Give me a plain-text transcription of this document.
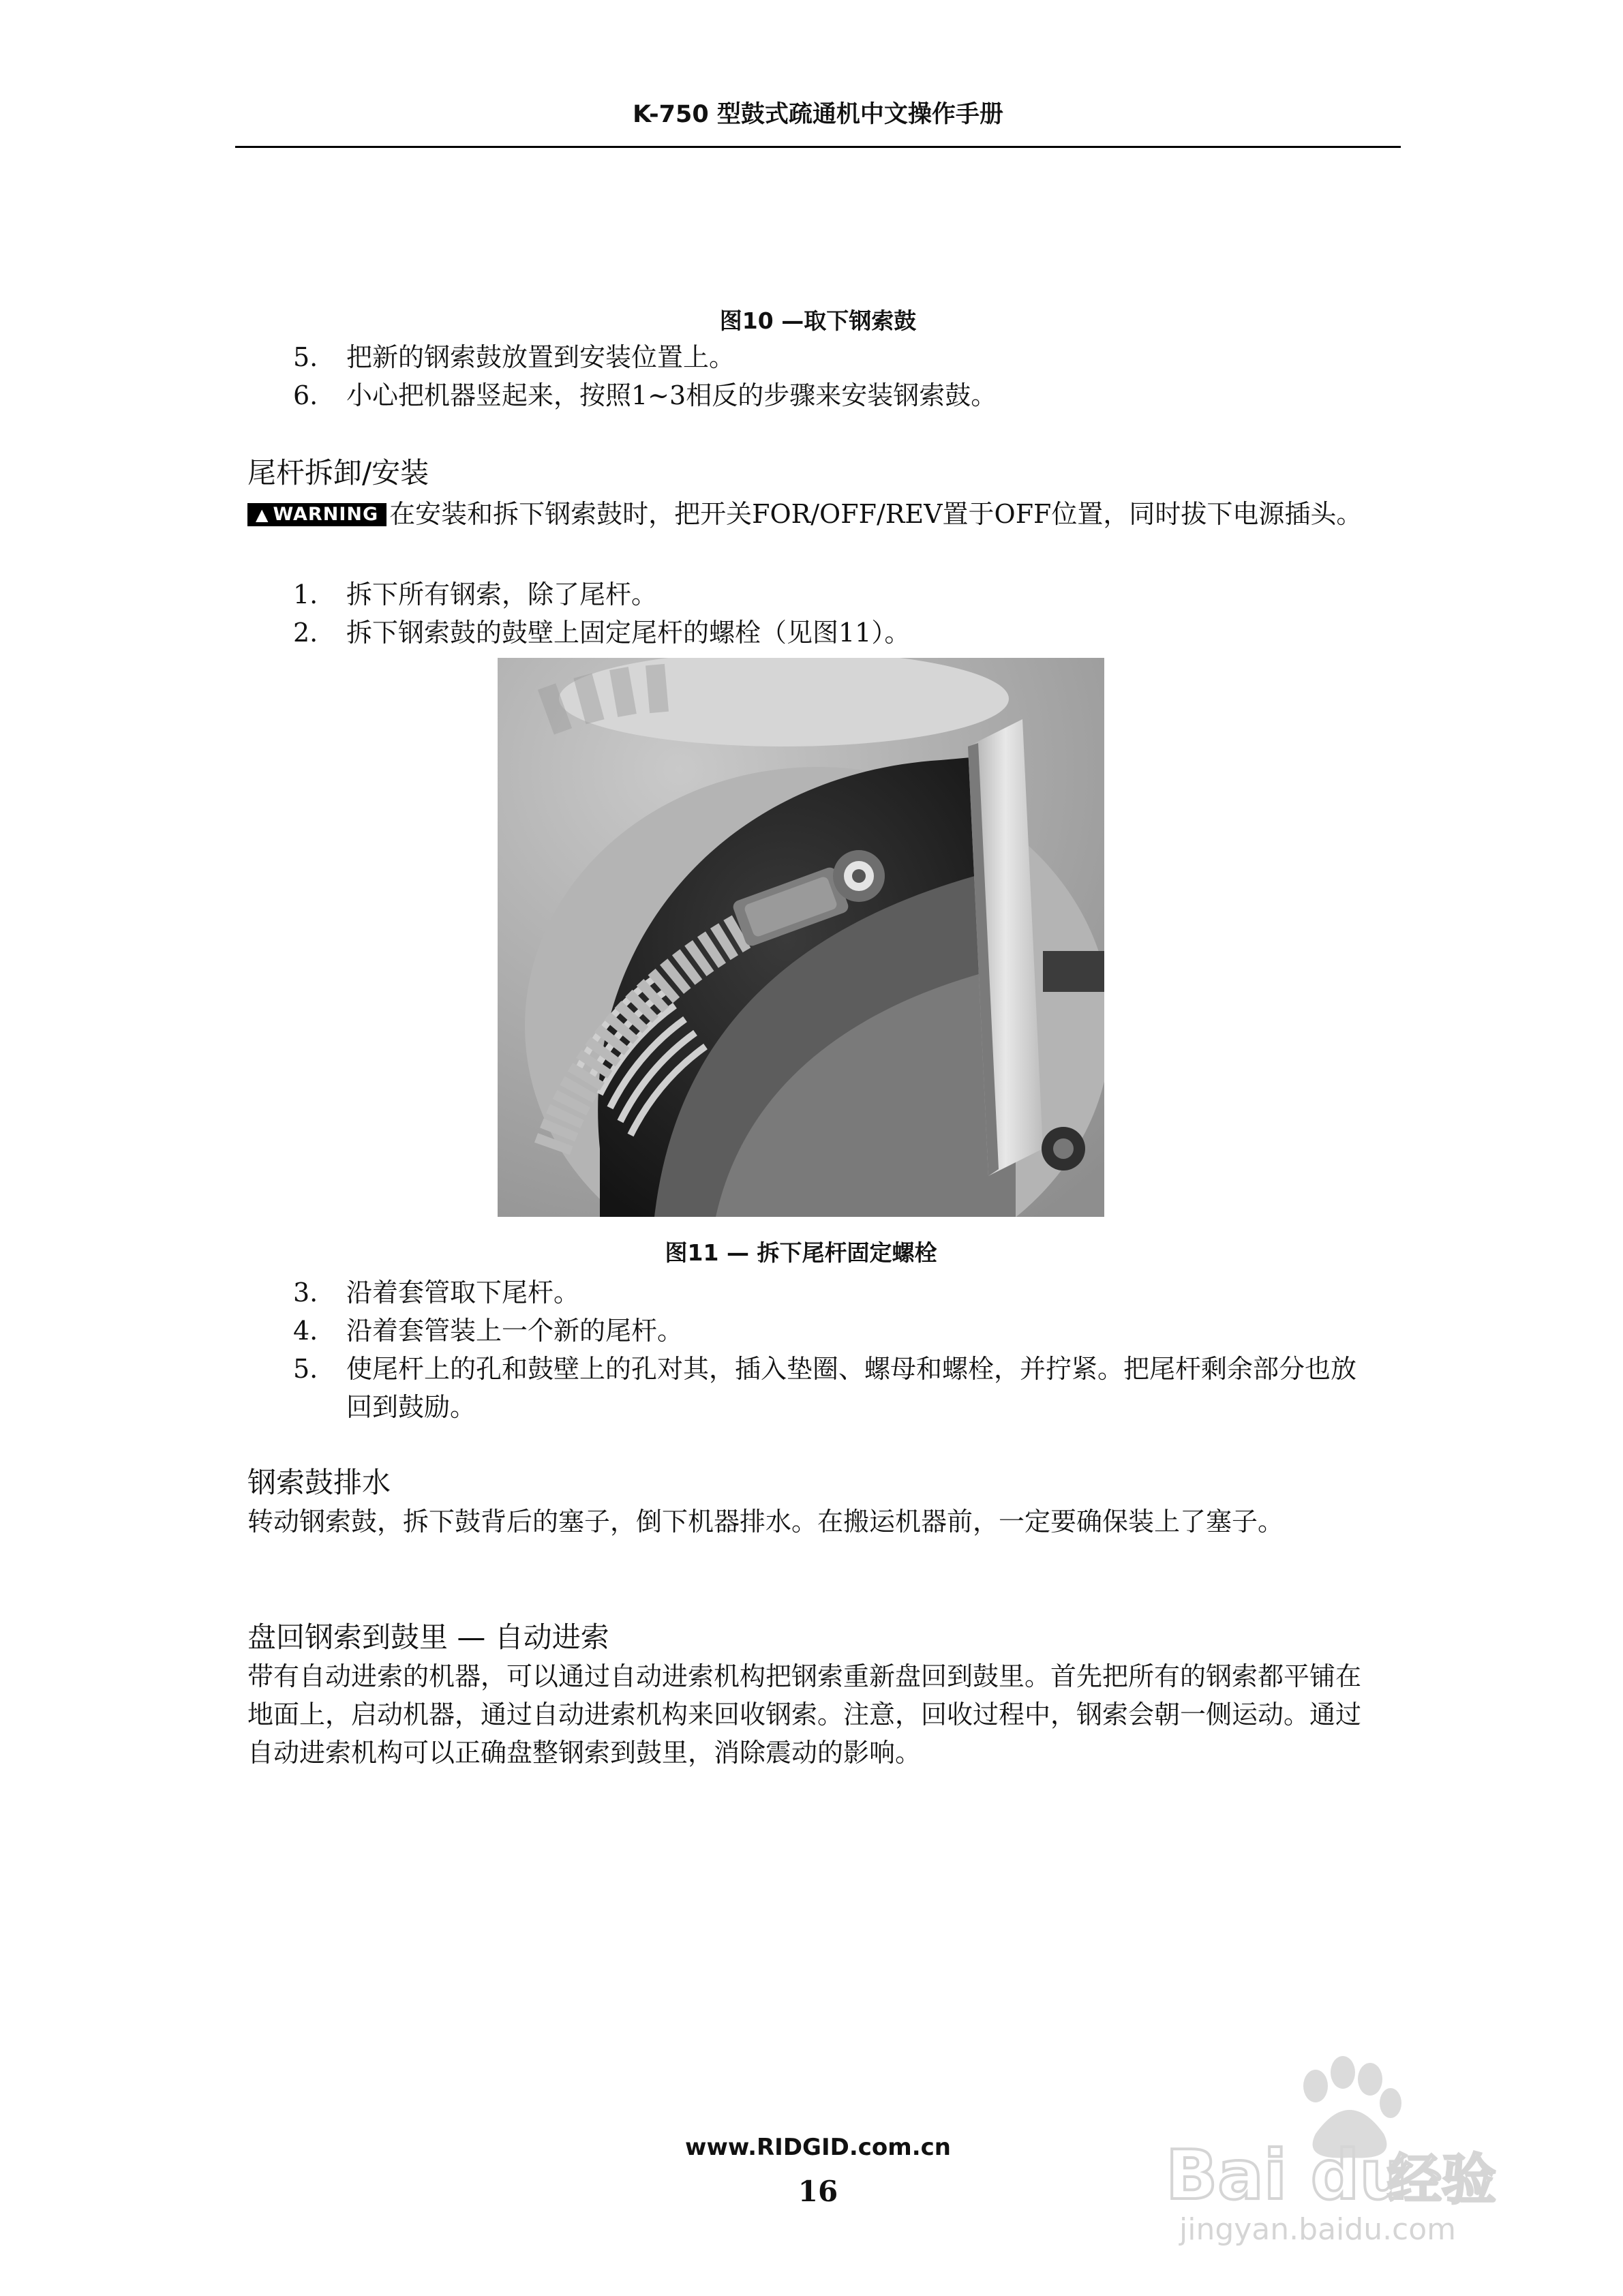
K-750 型鼓式疏通机中文操作手册
图10 —取下钢索鼓
5.	把新的钢索鼓放置到安装位置上。
6.	小心把机器竖起来，按照1~3相反的步骤来安装钢索鼓。
尾杆拆卸/安装
▲ WARNING 在安装和拆下钢索鼓时，把开关FOR/OFF/REV置于OFF位置，同时拔下电源插头。
1.	拆下所有钢索，除了尾杆。
2.	拆下钢索鼓的鼓壁上固定尾杆的螺栓（见图11）。
图11 — 拆下尾杆固定螺栓
3.	沿着套管取下尾杆。
4.	沿着套管装上一个新的尾杆。
5.	使尾杆上的孔和鼓壁上的孔对其，插入垫圈、螺母和螺栓，并拧紧。把尾杆剩余部分也放回到鼓励。
钢索鼓排水
转动钢索鼓，拆下鼓背后的塞子，倒下机器排水。在搬运机器前，一定要确保装上了塞子。
盘回钢索到鼓里 — 自动进索
带有自动进索的机器，可以通过自动进索机构把钢索重新盘回到鼓里。首先把所有的钢索都平铺在地面上，启动机器，通过自动进索机构来回收钢索。注意，回收过程中，钢索会朝一侧运动。通过自动进索机构可以正确盘整钢索到鼓里，消除震动的影响。
www.RIDGID.com.cn
16	Bai du
经验
jingyan.baidu.com
